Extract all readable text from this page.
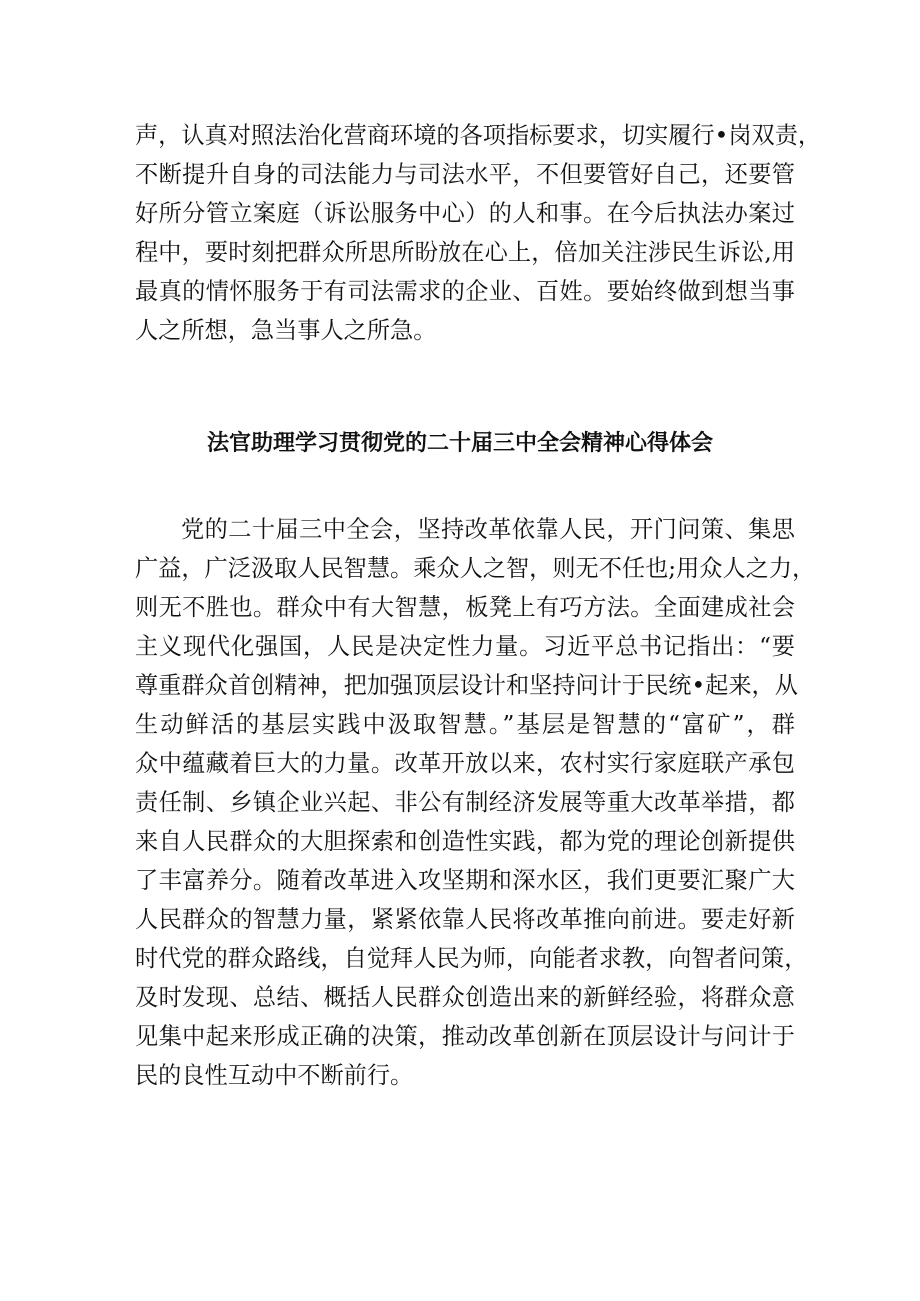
声，认真对照法治化营商环境的各项指标要求，切实履行•岗双责，
不断提升自身的司法能力与司法水平，不但要管好自己，还要管
好所分管立案庭（诉讼服务中心）的人和事。在今后执法办案过
程中，要时刻把群众所思所盼放在心上，倍加关注涉民生诉讼,用
最真的情怀服务于有司法需求的企业、百姓。要始终做到想当事
人之所想，急当事人之所急。
法官助理学习贯彻党的二十届三中全会精神心得体会
党的二十届三中全会，坚持改革依靠人民，开门问策、集思
广益，广泛汲取人民智慧。乘众人之智，则无不任也;用众人之力，
则无不胜也。群众中有大智慧，板凳上有巧方法。全面建成社会
主义现代化强国，人民是决定性力量。习近平总书记指出：“要
尊重群众首创精神，把加强顶层设计和坚持问计于民统•起来，从
生动鲜活的基层实践中汲取智慧。”基层是智慧的“富矿”，群
众中蕴藏着巨大的力量。改革开放以来，农村实行家庭联产承包
责任制、乡镇企业兴起、非公有制经济发展等重大改革举措，都
来自人民群众的大胆探索和创造性实践，都为党的理论创新提供
了丰富养分。随着改革进入攻坚期和深水区，我们更要汇聚广大
人民群众的智慧力量，紧紧依靠人民将改革推向前进。要走好新
时代党的群众路线，自觉拜人民为师，向能者求教，向智者问策，
及时发现、总结、概括人民群众创造出来的新鲜经验，将群众意
见集中起来形成正确的决策，推动改革创新在顶层设计与问计于
民的良性互动中不断前行。
